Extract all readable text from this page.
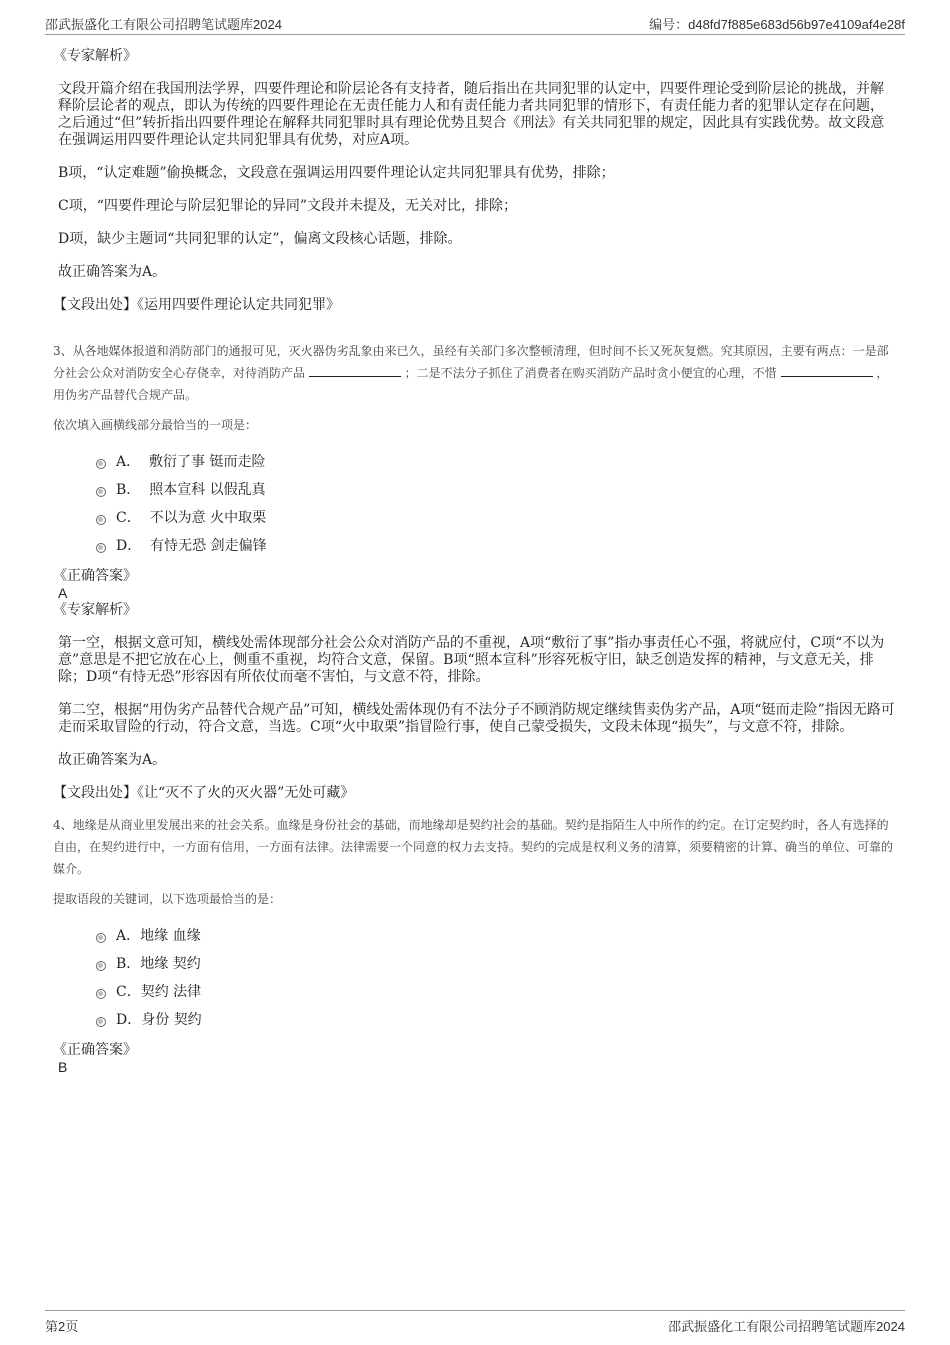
邵武振盛化工有限公司招聘笔试题库2024	编号：d48fd7f885e683d56b97e4109af4e28f

《专家解析》

文段开篇介绍在我国刑法学界，四要件理论和阶层论各有支持者，随后指出在共同犯罪的认定中，四要件理论受到阶层论的挑战，并解释阶层论者的观点，即认为传统的四要件理论在无责任能力人和有责任能力者共同犯罪的情形下，有责任能力者的犯罪认定存在问题，之后通过“但”转折指出四要件理论在解释共同犯罪时具有理论优势且契合《刑法》有关共同犯罪的规定，因此具有实践优势。故文段意在强调运用四要件理论认定共同犯罪具有优势，对应A项。

B项，“认定难题”偷换概念，文段意在强调运用四要件理论认定共同犯罪具有优势，排除；

C项，“四要件理论与阶层犯罪论的异同”文段并未提及，无关对比，排除；

D项，缺少主题词“共同犯罪的认定”，偏离文段核心话题，排除。

故正确答案为A。

【文段出处】《运用四要件理论认定共同犯罪》

3、从各地媒体报道和消防部门的通报可见，灭火器伪劣乱象由来已久，虽经有关部门多次整顿清理，但时间不长又死灰复燃。究其原因，主要有两点：一是部分社会公众对消防安全心存侥幸，对待消防产品	；二是不法分子抓住了消费者在购买消防产品时贪小便宜的心理，不惜	，用伪劣产品替代合规产品。

依次填入画横线部分最恰当的一项是：

A．
敷衍了事 铤而走险
B．
照本宣科 以假乱真
C．
不以为意 火中取栗
D．
有恃无恐 剑走偏锋

《正确答案》

A

《专家解析》

第一空，根据文意可知，横线处需体现部分社会公众对消防产品的不重视，A项“敷衍了事”指办事责任心不强，将就应付，C项“不以为意”意思是不把它放在心上，侧重不重视，均符合文意，保留。B项“照本宣科”形容死板守旧，缺乏创造发挥的精神，与文意无关，排除；D项“有恃无恐”形容因有所依仗而毫不害怕，与文意不符，排除。

第二空，根据“用伪劣产品替代合规产品”可知，横线处需体现仍有不法分子不顾消防规定继续售卖伪劣产品，A项“铤而走险”指因无路可走而采取冒险的行动，符合文意，当选。C项“火中取栗”指冒险行事，使自己蒙受损失，文段未体现“损失”，与文意不符，排除。

故正确答案为A。

【文段出处】《让“灭不了火的灭火器”无处可藏》

4、地缘是从商业里发展出来的社会关系。血缘是身份社会的基础，而地缘却是契约社会的基础。契约是指陌生人中所作的约定。在订定契约时，各人有选择的自由，在契约进行中，一方面有信用，一方面有法律。法律需要一个同意的权力去支持。契约的完成是权利义务的清算，须要精密的计算、确当的单位、可靠的媒介。

提取语段的关键词，以下选项最恰当的是：

A． 地缘 血缘
B． 地缘 契约
C． 契约 法律
D． 身份 契约

《正确答案》

B

第2页	邵武振盛化工有限公司招聘笔试题库2024
